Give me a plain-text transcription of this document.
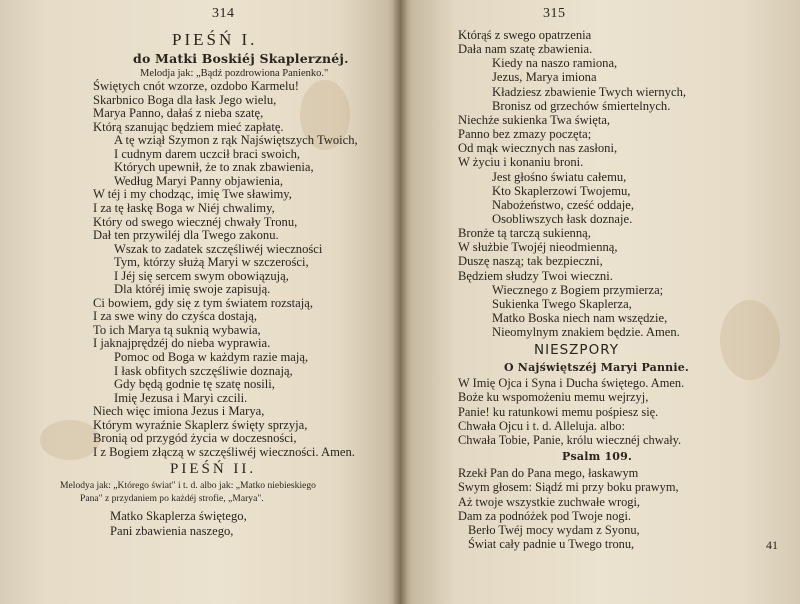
314
PIEŚŃ I.
do Matki Boskiéj Skaplerznéj.
Melodja jak: „Bądź pozdrowiona Panienko."
Świętych cnót wzorze, ozdobo Karmelu!
Skarbnico Boga dla łask Jego wielu,
Marya Panno, dałaś z nieba szatę,
Którą szanując będziem mieć zapłatę.
A tę wziął Szymon z rąk Najświętszych Twoich,
I cudnym darem uczcił braci swoich,
Których upewnił, że to znak zbawienia,
Według Maryi Panny objawienia,
W téj i my chodząc, imię Twe sławimy,
I za tę łaskę Boga w Niéj chwalimy,
Który od swego wiecznéj chwały Tronu,
Dał ten przywiléj dla Twego zakonu.
Wszak to zadatek szczęśliwéj wieczności
Tym, którzy służą Maryi w szczerości,
I Jéj się sercem swym obowiązują,
Dla któréj imię swoje zapisują.
Ci bowiem, gdy się z tym światem rozstają,
I za swe winy do czyśca dostają,
To ich Marya tą suknią wybawia,
I jaknajprędzéj do nieba wyprawia.
Pomoc od Boga w każdym razie mają,
I łask obfitych szczęśliwie doznają,
Gdy będą godnie tę szatę nosili,
Imię Jezusa i Maryi czcili.
Niech więc imiona Jezus i Marya,
Którym wyraźnie Skaplerz święty sprzyja,
Bronią od przygód życia w doczesności,
I z Bogiem złączą w szczęśliwéj wieczności. Amen.
PIEŚŃ II.
Melodya jak: „Którego świat" i t. d. albo jak: „Matko niebieskiego
Pana" z przydaniem po każdéj strofie, „Marya".
Matko Skaplerza świętego,
Pani zbawienia naszego,
315
Którąś z swego opatrzenia
Dała nam szatę zbawienia.
Kiedy na naszo ramiona,
Jezus, Marya imiona
Kładziesz zbawienie Twych wiernych,
Bronisz od grzechów śmiertelnych.
Niechże sukienka Twa święta,
Panno bez zmazy poczęta;
Od mąk wiecznych nas zasłoni,
W życiu i konaniu broni.
Jest głośno światu całemu,
Kto Skaplerzowi Twojemu,
Nabożeństwo, cześć oddaje,
Osobliwszych łask doznaje.
Bronże tą tarczą sukienną,
W służbie Twojéj nieodmienną,
Duszę naszą; tak bezpieczni,
Będziem słudzy Twoi wieczni.
Wiecznego z Bogiem przymierza;
Sukienka Twego Skaplerza,
Matko Boska niech nam wszędzie,
Nieomylnym znakiem będzie. Amen.
NIESZPORY
O Najświętszéj Maryi Pannie.
W Imię Ojca i Syna i Ducha świętego. Amen.
Boże ku wspomożeniu memu wejrzyj,
Panie! ku ratunkowi memu pośpiesz się.
Chwała Ojcu i t. d. Alleluja. albo:
Chwała Tobie, Panie, królu wiecznéj chwały.
Psalm 109.
Rzekł Pan do Pana mego, łaskawym
Swym głosem: Siądź mi przy boku prawym,
Aż twoje wszystkie zuchwałe wrogi,
Dam za podnóżek pod Twoje nogi.
Berło Twéj mocy wydam z Syonu,
Świat cały padnie u Twego tronu,	41
